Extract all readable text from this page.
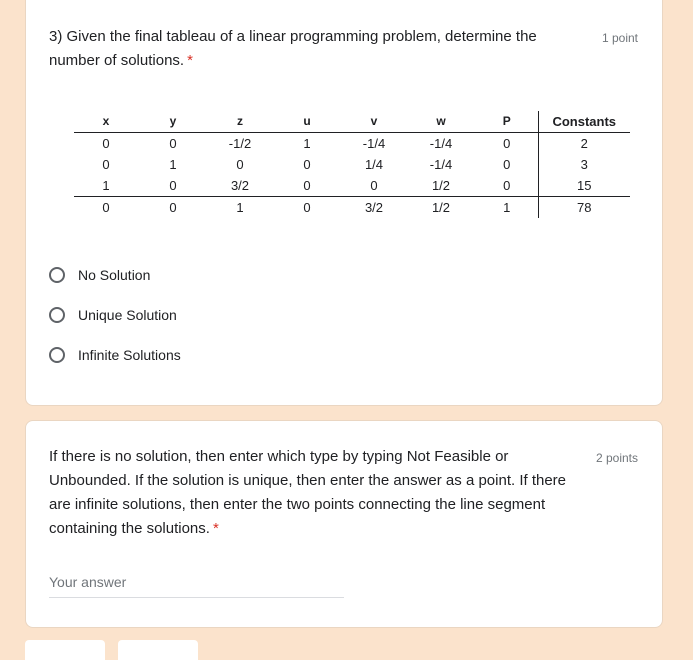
3) Given the final tableau of a linear programming problem, determine the number of solutions. *
1 point
x	y	z	u	v	w	P	Constants
0	0	-1/2	1	-1/4	-1/4	0	2
0	1	0	0	1/4	-1/4	0	3
1	0	3/2	0	0	1/2	0	15
0	0	1	0	3/2	1/2	1	78
No Solution
Unique Solution
Infinite Solutions
If there is no solution, then enter which type by typing Not Feasible or Unbounded. If the solution is unique, then enter the answer as a point. If there are infinite solutions, then enter the two points connecting the line segment containing the solutions. *
2 points
Your answer
